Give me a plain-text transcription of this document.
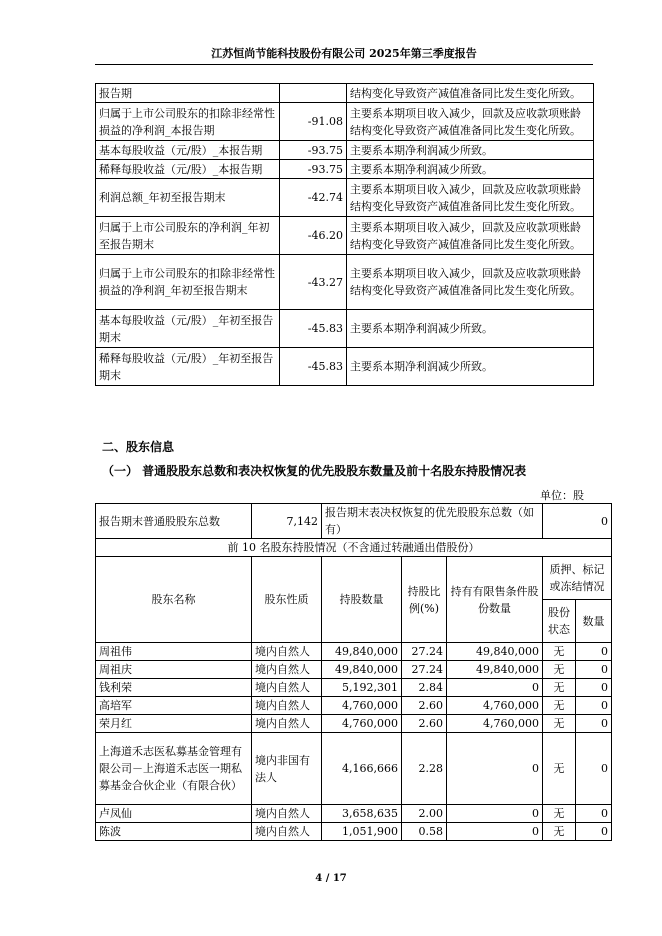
江苏恒尚节能科技股份有限公司 2025年第三季度报告
报告期		结构变化导致资产减值准备同比发生变化所致。
归属于上市公司股东的扣除非经常性损益的净利润_本报告期	-91.08	主要系本期项目收入减少，回款及应收款项账龄结构变化导致资产减值准备同比发生变化所致。
基本每股收益（元/股）_本报告期	-93.75	主要系本期净利润减少所致。
稀释每股收益（元/股）_本报告期	-93.75	主要系本期净利润减少所致。
利润总额_年初至报告期末	-42.74	主要系本期项目收入减少，回款及应收款项账龄结构变化导致资产减值准备同比发生变化所致。
归属于上市公司股东的净利润_年初至报告期末	-46.20	主要系本期项目收入减少，回款及应收款项账龄结构变化导致资产减值准备同比发生变化所致。
归属于上市公司股东的扣除非经常性损益的净利润_年初至报告期末	-43.27	主要系本期项目收入减少，回款及应收款项账龄结构变化导致资产减值准备同比发生变化所致。
基本每股收益（元/股）_年初至报告期末	-45.83	主要系本期净利润减少所致。
稀释每股收益（元/股）_年初至报告期末	-45.83	主要系本期净利润减少所致。
二、股东信息
（一） 普通股股东总数和表决权恢复的优先股股东数量及前十名股东持股情况表
单位：股
报告期末普通股股东总数	7,142	报告期末表决权恢复的优先股股东总数（如有）			0	
前 10 名股东持股情况（不含通过转融通出借股份）						
股东名称	股东性质	持股数量	持股比例(%)	持有有限售条件股份数量	质押、标记或冻结情况	
					股份状态	数量
周祖伟	境内自然人	49,840,000	27.24	49,840,000	无	0
周祖庆	境内自然人	49,840,000	27.24	49,840,000	无	0
钱利荣	境内自然人	5,192,301	2.84	0	无	0
高培军	境内自然人	4,760,000	2.60	4,760,000	无	0
荣月红	境内自然人	4,760,000	2.60	4,760,000	无	0
上海道禾志医私募基金管理有限公司－上海道禾志医一期私募基金合伙企业（有限合伙）	境内非国有法人	4,166,666	2.28	0	无	0
卢凤仙	境内自然人	3,658,635	2.00	0	无	0
陈波	境内自然人	1,051,900	0.58	0	无	0
4 / 17
